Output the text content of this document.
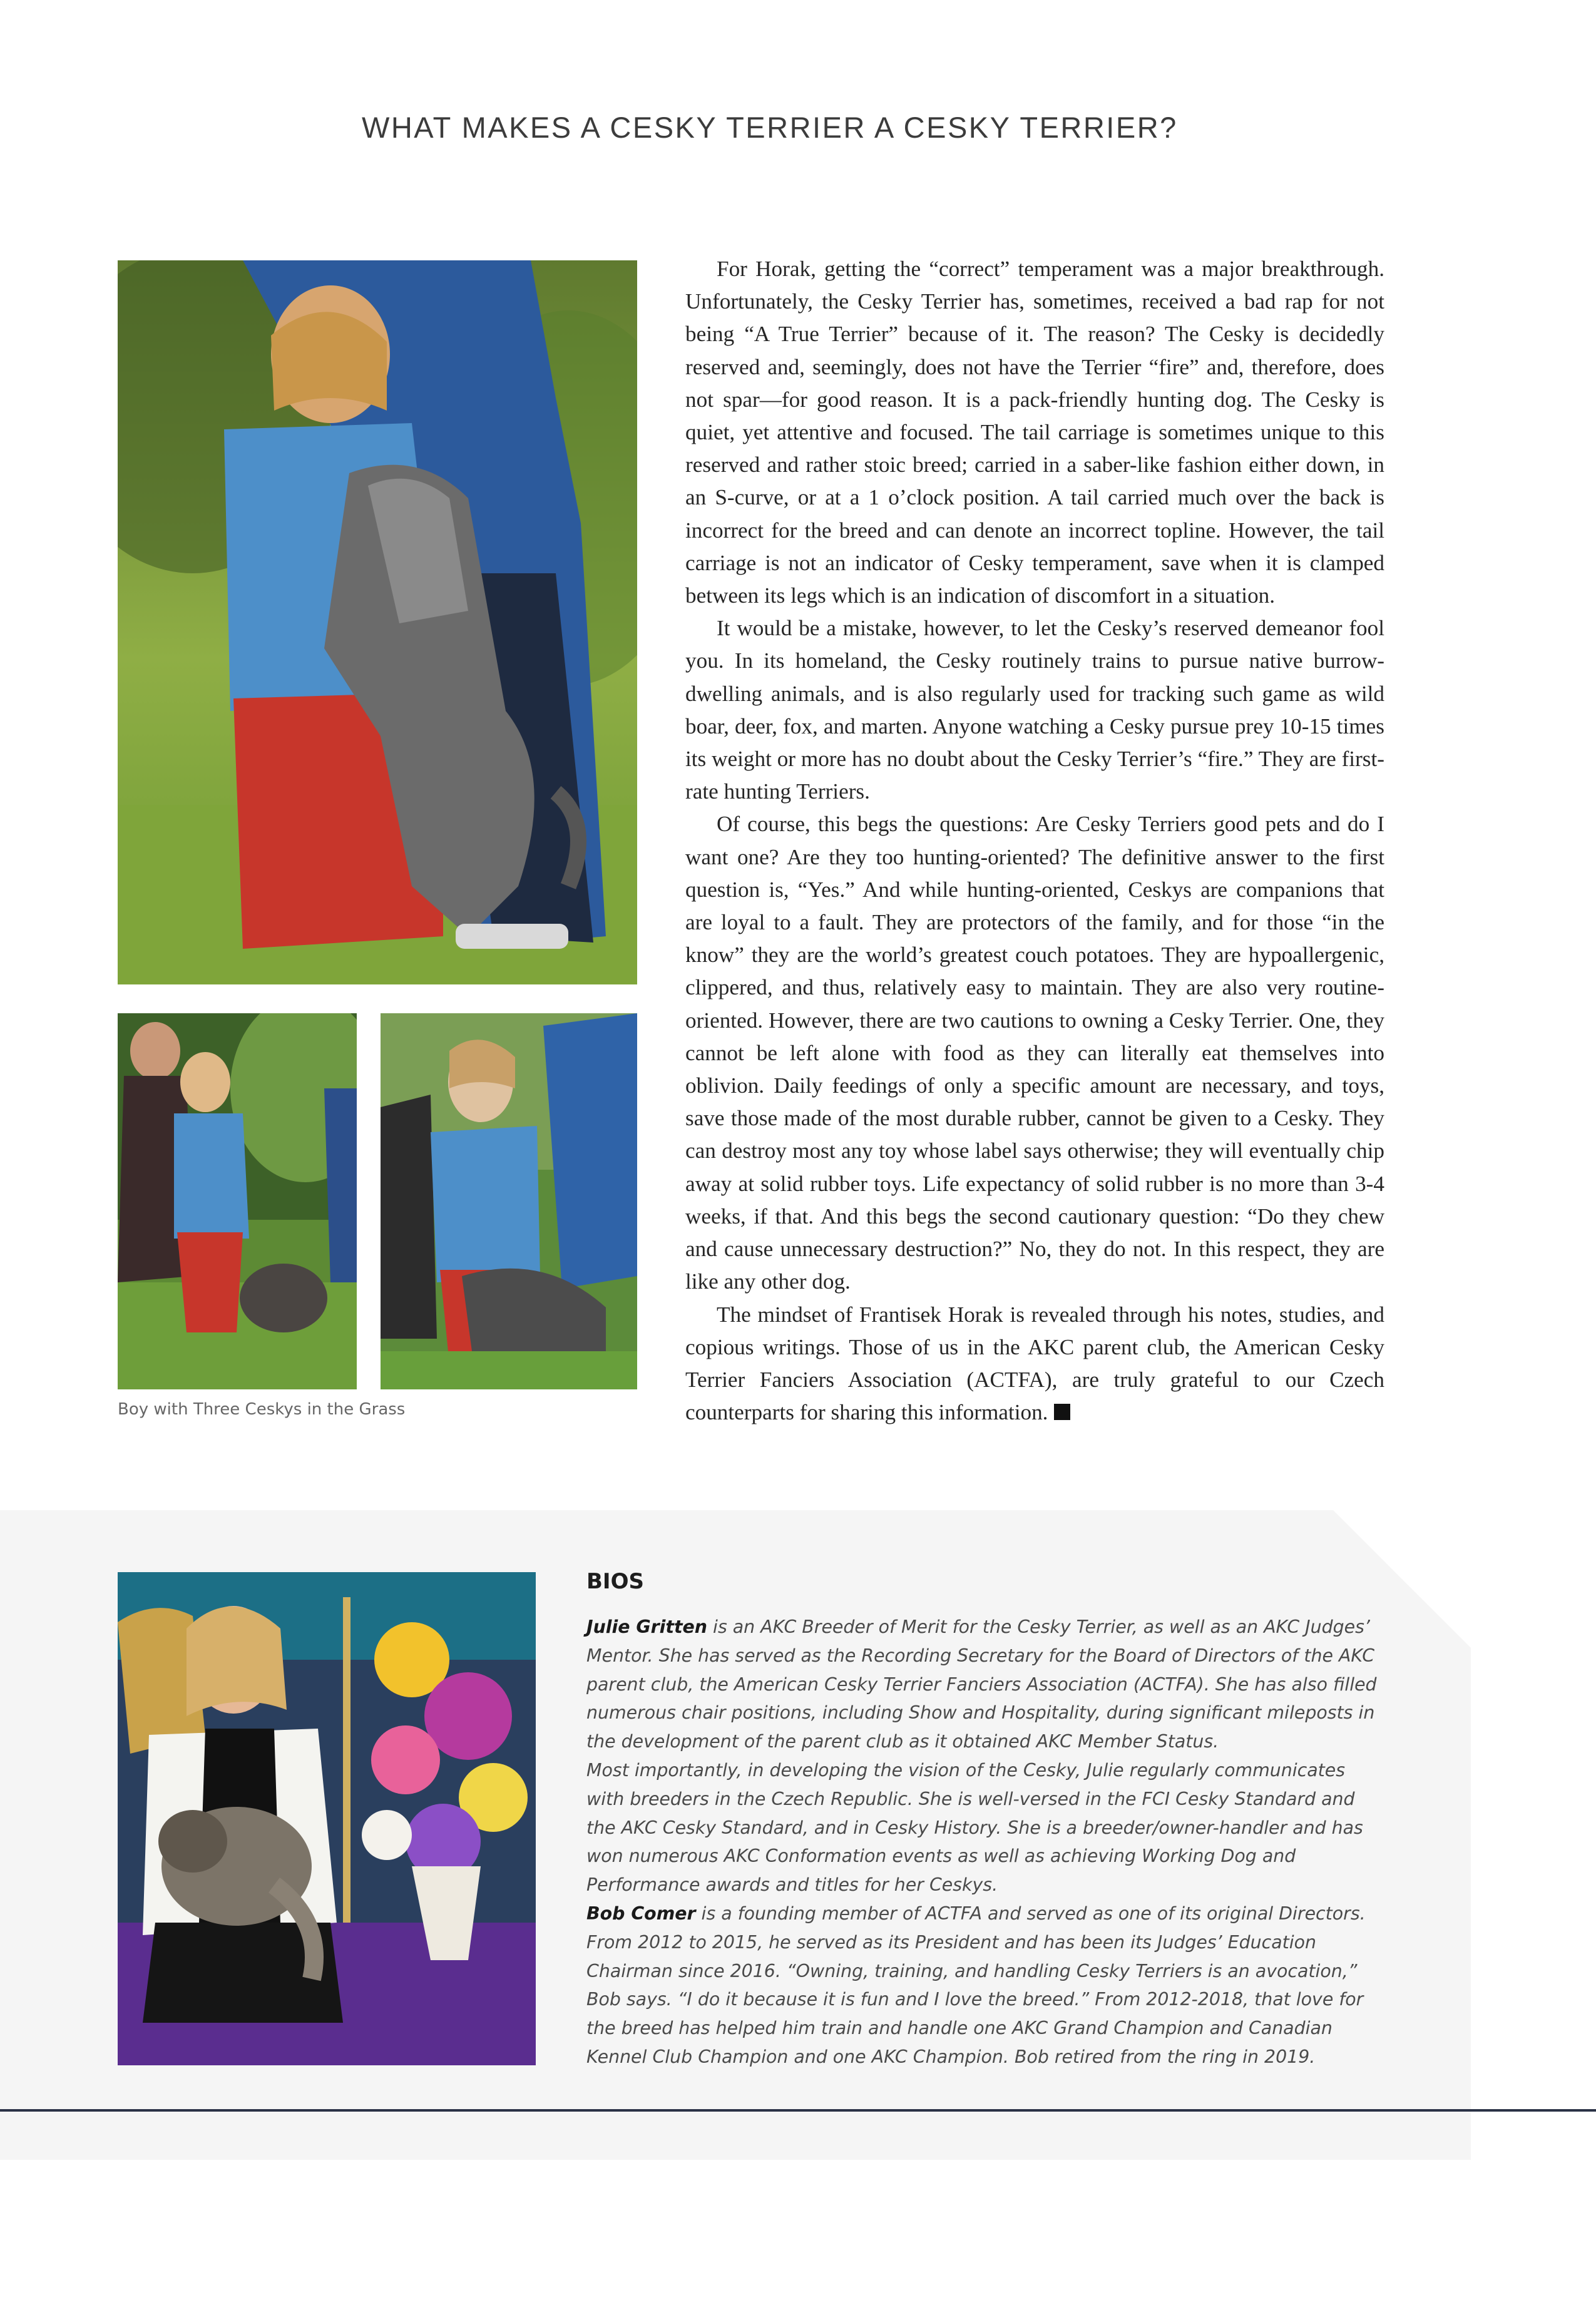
WHAT MAKES A CESKY TERRIER A CESKY TERRIER?
Boy with Three Ceskys in the Grass

For Horak, getting the “correct” temperament was a major breakthrough. Unfortunately, the Cesky Terrier has, sometimes, received a bad rap for not being “A True Terrier” because of it. The reason? The Cesky is decidedly reserved and, seemingly, does not have the Terrier “fire” and, therefore, does not spar—for good reason. It is a pack-friendly hunting dog. The Cesky is quiet, yet attentive and focused. The tail carriage is sometimes unique to this reserved and rather stoic breed; carried in a saber-like fashion either down, in an S-curve, or at a 1 o’clock position. A tail carried much over the back is incorrect for the breed and can denote an incorrect topline. However, the tail carriage is not an indicator of Cesky temperament, save when it is clamped between its legs which is an indication of discomfort in a situation.

It would be a mistake, however, to let the Cesky’s reserved demeanor fool you. In its homeland, the Cesky routinely trains to pursue native burrow-dwelling animals, and is also regularly used for tracking such game as wild boar, deer, fox, and marten. Anyone watching a Cesky pursue prey 10-15 times its weight or more has no doubt about the Cesky Terrier’s “fire.” They are first-rate hunting Terriers.

Of course, this begs the questions: Are Cesky Terriers good pets and do I want one? Are they too hunting-oriented? The definitive answer to the first question is, “Yes.” And while hunting-oriented, Ceskys are companions that are loyal to a fault. They are protectors of the family, and for those “in the know” they are the world’s greatest couch potatoes. They are hypoallergenic, clippered, and thus, relatively easy to maintain. They are also very routine-oriented. However, there are two cautions to owning a Cesky Terrier. One, they cannot be left alone with food as they can literally eat themselves into oblivion. Daily feedings of only a specific amount are necessary, and toys, save those made of the most durable rubber, cannot be given to a Cesky. They can destroy most any toy whose label says otherwise; they will eventually chip away at solid rubber toys. Life expectancy of solid rubber is no more than 3-4 weeks, if that. And this begs the second cautionary question: “Do they chew and cause unnecessary destruction?” No, they do not. In this respect, they are like any other dog.

The mindset of Frantisek Horak is revealed through his notes, studies, and copious writings. Those of us in the AKC parent club, the American Cesky Terrier Fanciers Association (ACTFA), are truly grateful to our Czech counterparts for sharing this information.

BIOS

Julie Gritten is an AKC Breeder of Merit for the Cesky Terrier, as well as an AKC Judges’ Mentor. She has served as the Recording Secretary for the Board of Directors of the AKC parent club, the American Cesky Terrier Fanciers Association (ACTFA). She has also filled numerous chair positions, including Show and Hospitality, during significant mileposts in the development of the parent club as it obtained AKC Member Status.

Most importantly, in developing the vision of the Cesky, Julie regularly communicates with breeders in the Czech Republic. She is well-versed in the FCI Cesky Standard and the AKC Cesky Standard, and in Cesky History. She is a breeder/owner-handler and has won numerous AKC Conformation events as well as achieving Working Dog and Performance awards and titles for her Ceskys.

Bob Comer is a founding member of ACTFA and served as one of its original Directors. From 2012 to 2015, he served as its President and has been its Judges’ Education Chairman since 2016. “Owning, training, and handling Cesky Terriers is an avocation,” Bob says. “I do it because it is fun and I love the breed.” From 2012-2018, that love for the breed has helped him train and handle one AKC Grand Champion and Canadian Kennel Club Champion and one AKC Champion. Bob retired from the ring in 2019.
